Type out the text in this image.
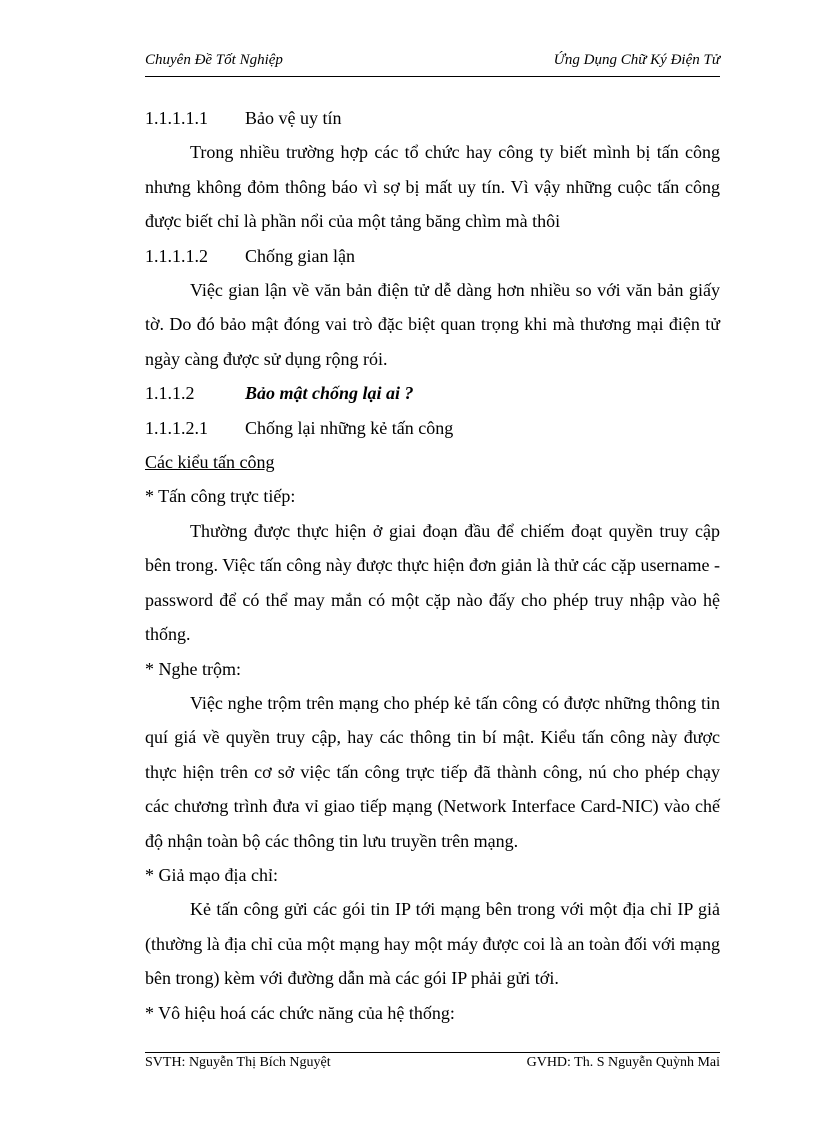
Chuyên Đề Tốt Nghiệp	Ứng Dụng Chữ Ký Điện Tử
1.1.1.1.1 Bảo vệ uy tín

Trong nhiều trường hợp các tổ chức hay công ty biết mình bị tấn công nhưng không đỏm thông báo vì sợ bị mất uy tín. Vì vậy những cuộc tấn công được biết chỉ là phần nổi của một tảng băng chìm mà thôi

1.1.1.1.2 Chống gian lận

Việc gian lận về văn bản điện tử dễ dàng hơn nhiều so với văn bản giấy tờ. Do đó bảo mật đóng vai trò đặc biệt quan trọng khi mà thương mại điện tử ngày càng được sử dụng rộng rói.

1.1.1.2	Bảo mật chống lại ai ?
1.1.1.2.1 Chống lại những kẻ tấn công
Các kiểu tấn công
* Tấn công trực tiếp:

Thường được thực hiện ở giai đoạn đầu để chiếm đoạt quyền truy cập bên trong. Việc tấn công này được thực hiện đơn giản là thử các cặp username - password để có thể may mắn có một cặp nào đấy cho phép truy nhập vào hệ thống.

* Nghe trộm:

Việc nghe trộm trên mạng cho phép kẻ tấn công có được những thông tin quí giá về quyền truy cập, hay các thông tin bí mật. Kiểu tấn công này được thực hiện trên cơ sở việc tấn công trực tiếp đã thành công, nú cho phép chạy các chương trình đưa vỉ giao tiếp mạng (Network Interface Card-NIC) vào chế độ nhận toàn bộ các thông tin lưu truyền trên mạng.

* Giả mạo địa chỉ:

Kẻ tấn công gửi các gói tin IP tới mạng bên trong với một địa chỉ IP giả (thường là địa chỉ của một mạng hay một máy được coi là an toàn đối với mạng bên trong) kèm với đường dẫn mà các gói IP phải gửi tới.

* Vô hiệu hoá các chức năng của hệ thống:
SVTH: Nguyễn Thị Bích Nguyệt	GVHD: Th. S Nguyễn Quỳnh Mai
